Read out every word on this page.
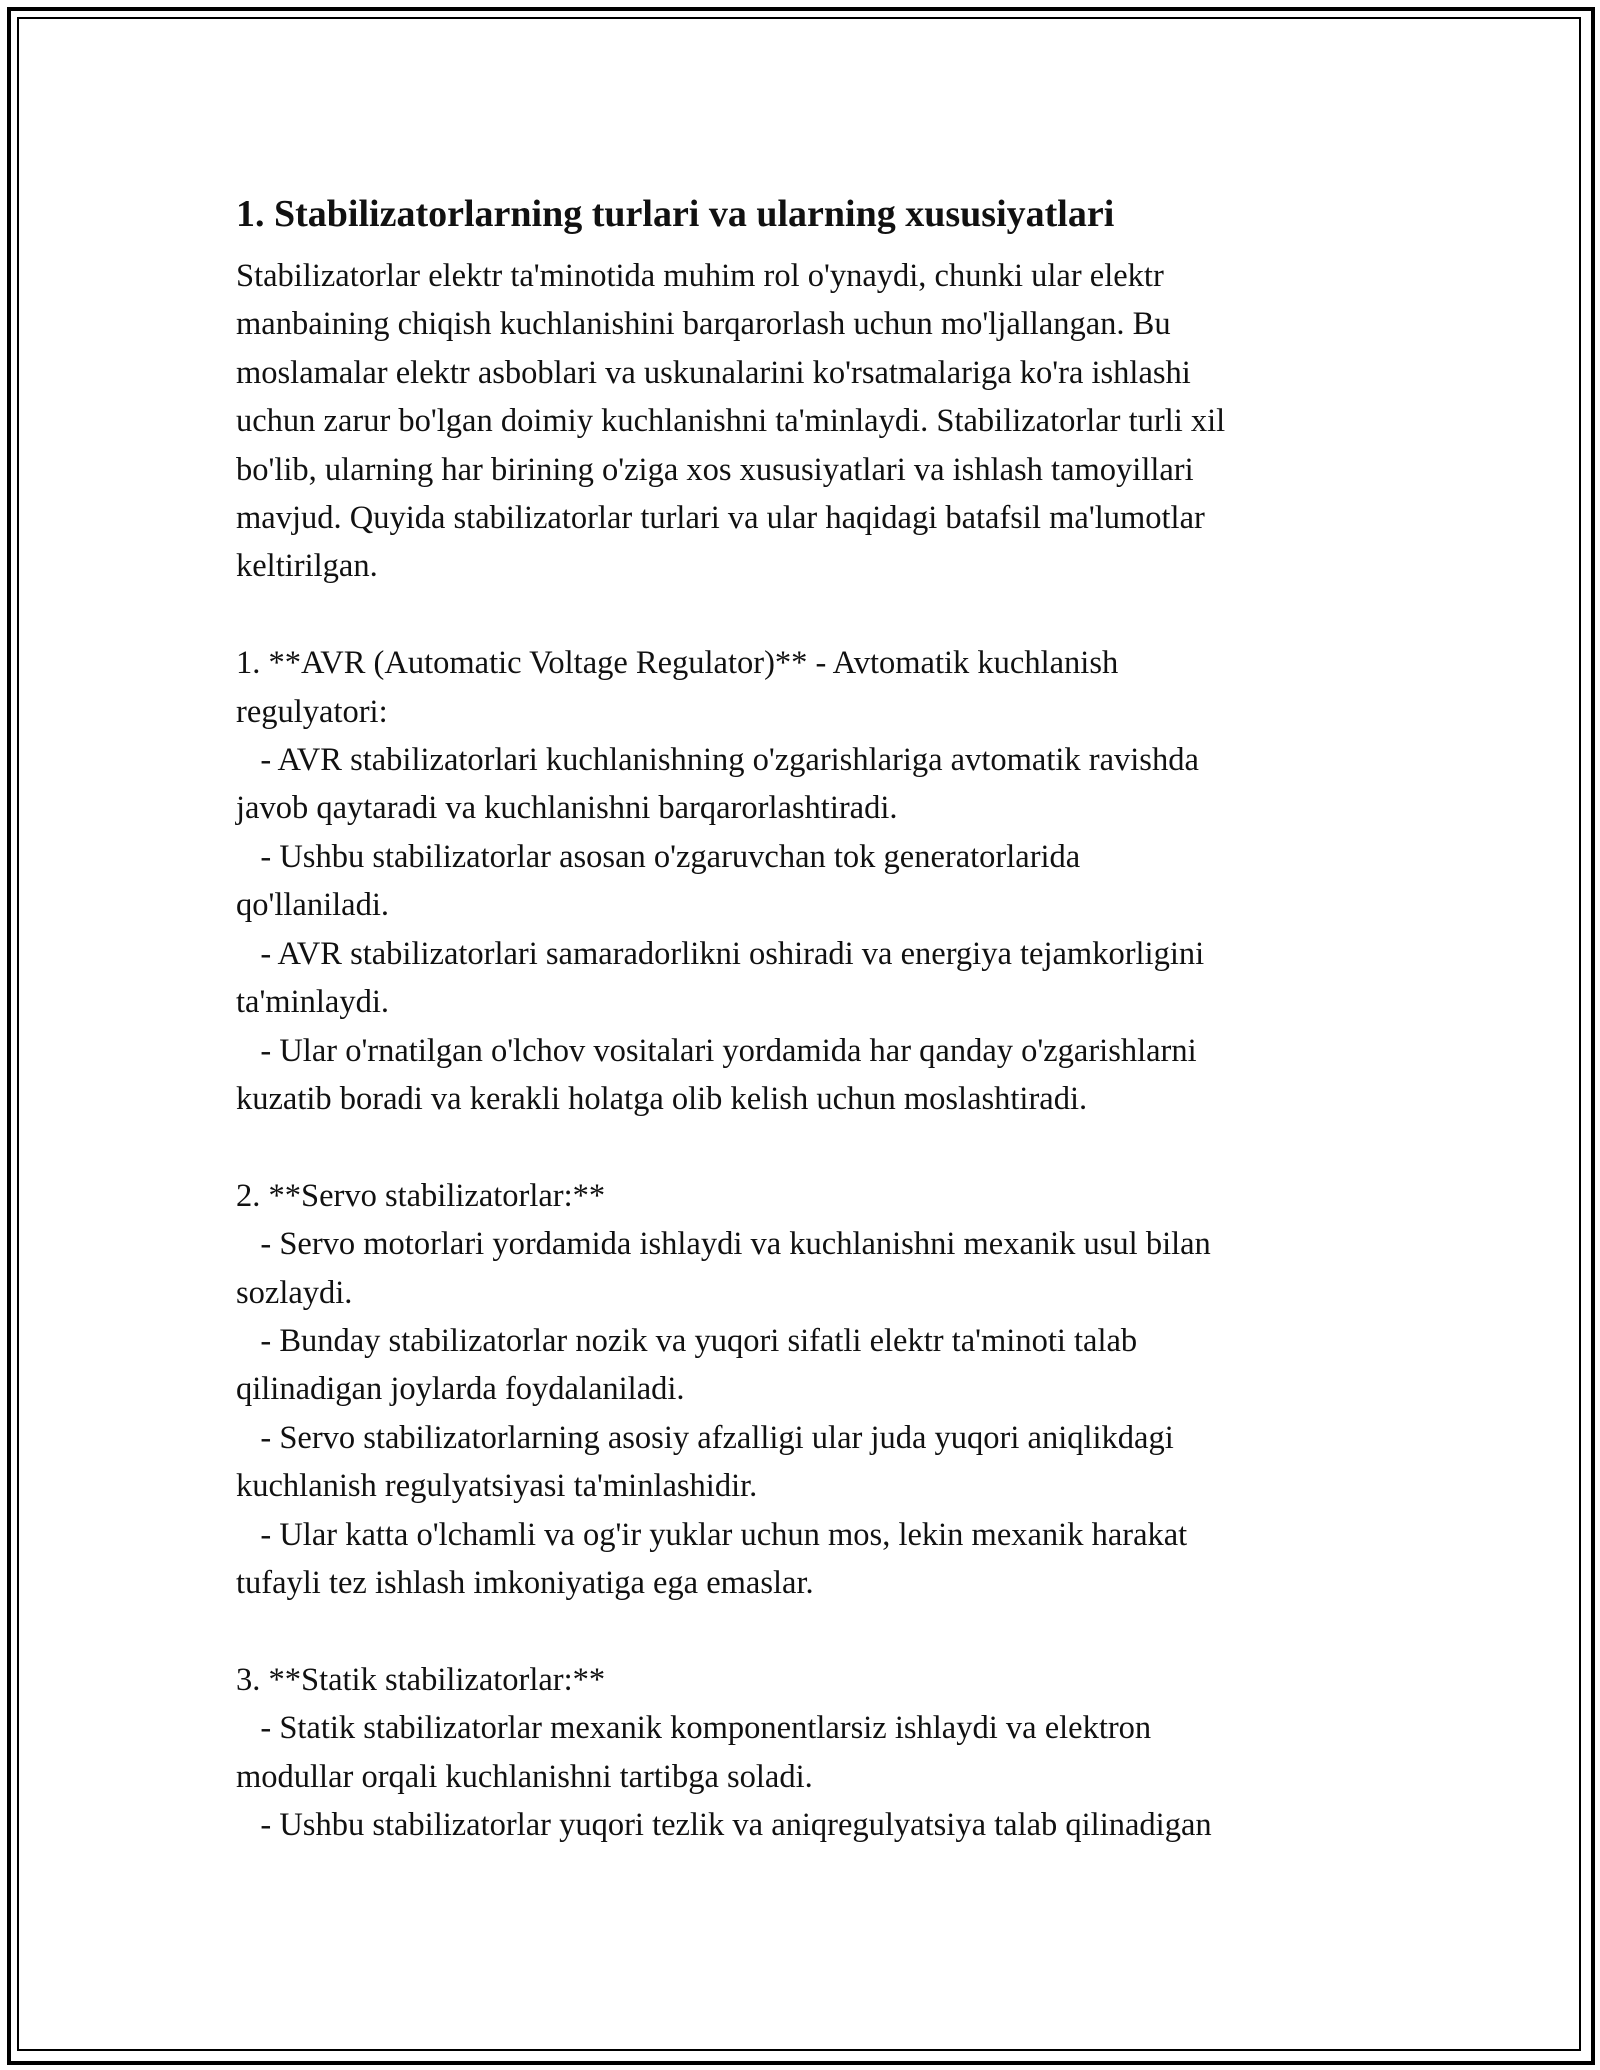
1. Stabilizatorlarning turlari va ularning xususiyatlari
Stabilizatorlar elektr ta'minotida muhim rol o'ynaydi, chunki ular elektr
manbaining chiqish kuchlanishini barqarorlash uchun mo'ljallangan. Bu
moslamalar elektr asboblari va uskunalarini ko'rsatmalariga ko'ra ishlashi
uchun zarur bo'lgan doimiy kuchlanishni ta'minlaydi. Stabilizatorlar turli xil
bo'lib, ularning har birining o'ziga xos xususiyatlari va ishlash tamoyillari
mavjud. Quyida stabilizatorlar turlari va ular haqidagi batafsil ma'lumotlar
keltirilgan.

1. **AVR (Automatic Voltage Regulator)** - Avtomatik kuchlanish
regulyatori:
- AVR stabilizatorlari kuchlanishning o'zgarishlariga avtomatik ravishda
javob qaytaradi va kuchlanishni barqarorlashtiradi.
- Ushbu stabilizatorlar asosan o'zgaruvchan tok generatorlarida
qo'llaniladi.
- AVR stabilizatorlari samaradorlikni oshiradi va energiya tejamkorligini
ta'minlaydi.
- Ular o'rnatilgan o'lchov vositalari yordamida har qanday o'zgarishlarni
kuzatib boradi va kerakli holatga olib kelish uchun moslashtiradi.

2. **Servo stabilizatorlar:**
- Servo motorlari yordamida ishlaydi va kuchlanishni mexanik usul bilan
sozlaydi.
- Bunday stabilizatorlar nozik va yuqori sifatli elektr ta'minoti talab
qilinadigan joylarda foydalaniladi.
- Servo stabilizatorlarning asosiy afzalligi ular juda yuqori aniqlikdagi
kuchlanish regulyatsiyasi ta'minlashidir.
- Ular katta o'lchamli va og'ir yuklar uchun mos, lekin mexanik harakat
tufayli tez ishlash imkoniyatiga ega emaslar.

3. **Statik stabilizatorlar:**
- Statik stabilizatorlar mexanik komponentlarsiz ishlaydi va elektron
modullar orqali kuchlanishni tartibga soladi.
- Ushbu stabilizatorlar yuqori tezlik va aniqregulyatsiya talab qilinadigan
